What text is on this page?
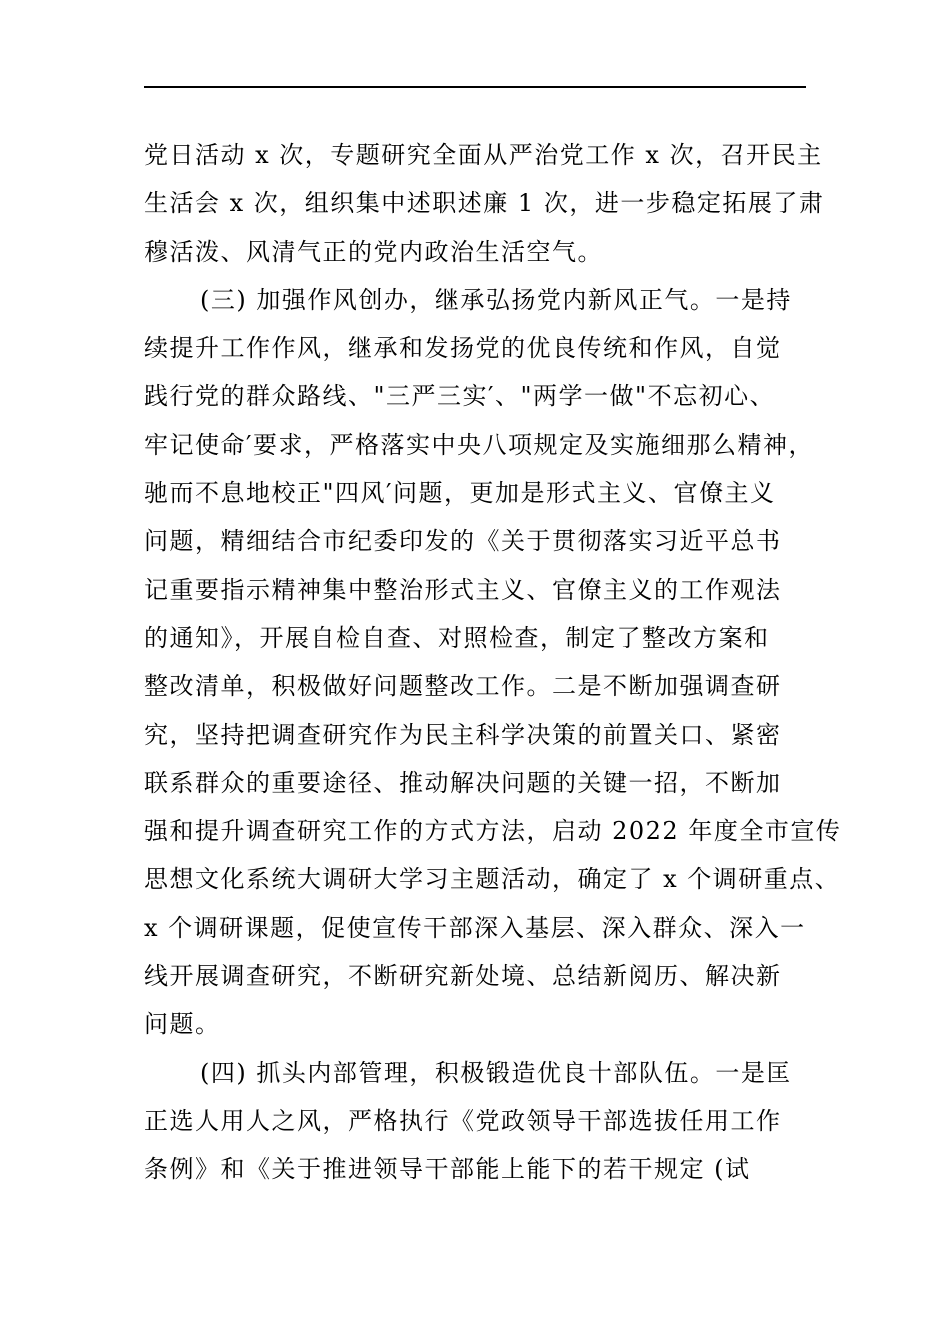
党日活动 x 次，专题研究全面从严治党工作 x 次，召开民主
生活会 x 次，组织集中述职述廉 1 次，进一步稳定拓展了肃
穆活泼、风清气正的党内政治生活空气。
(三) 加强作风创办，继承弘扬党内新风正气。一是持
续提升工作作风，继承和发扬党的优良传统和作风，自觉
践行党的群众路线、"三严三实′、"两学一做"不忘初心、
牢记使命′要求，严格落实中央八项规定及实施细那么精神，
驰而不息地校正"四风′问题，更加是形式主义、官僚主义
问题，精细结合市纪委印发的《关于贯彻落实习近平总书
记重要指示精神集中整治形式主义、官僚主义的工作观法
的通知》，开展自检自查、对照检查，制定了整改方案和
整改清单，积极做好问题整改工作。二是不断加强调查研
究，坚持把调查研究作为民主科学决策的前置关口、紧密
联系群众的重要途径、推动解决问题的关键一招，不断加
强和提升调查研究工作的方式方法，启动 2022 年度全市宣传
思想文化系统大调研大学习主题活动，确定了 x 个调研重点、
x 个调研课题，促使宣传干部深入基层、深入群众、深入一
线开展调查研究，不断研究新处境、总结新阅历、解决新
问题。
(四) 抓头内部管理，积极锻造优良十部队伍。一是匡
正选人用人之风，严格执行《党政领导干部选拔任用工作
条例》和《关于推进领导干部能上能下的若干规定 (试
